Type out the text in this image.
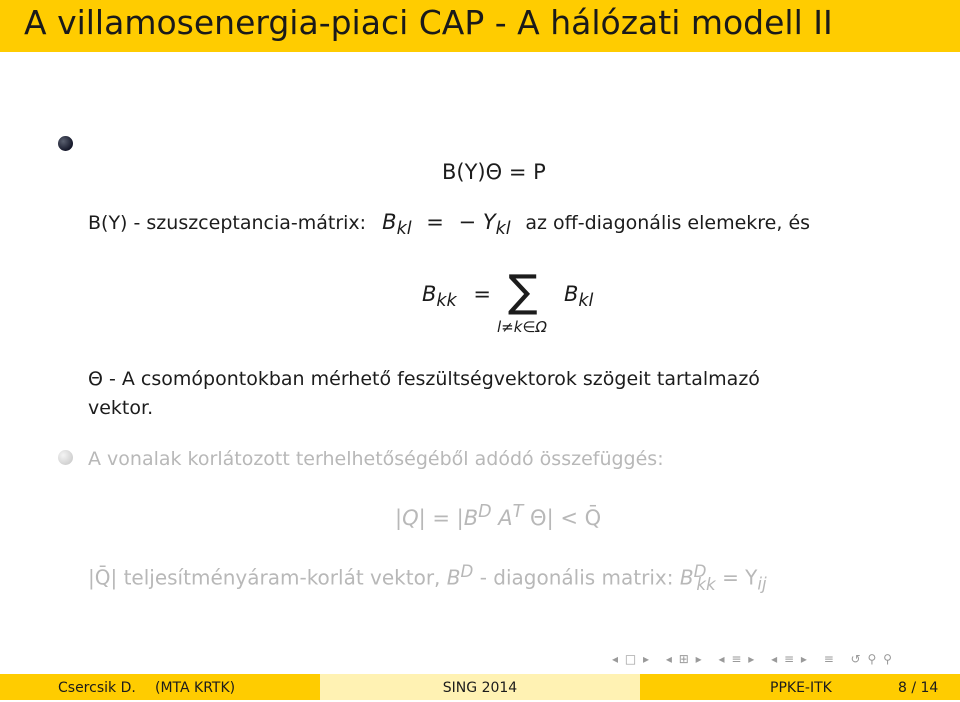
A villamosenergia-piaci CAP - A hálózati modell II
B(Y)Θ = P
B(Y) - szuszceptancia-mátrix: $B_{kl}$ = − $Y_{kl}$ az off-diagonális elemekre, és
$B_{kk}$ = ∑
l≠k∈Ω
$B_{kl}$
Θ - A csomópontokban mérhető feszültségvektorok szögeit tartalmazó
vektor.
A vonalak korlátozott terhelhetőségéből adódó összefüggés:
$|Q| = |B^D$ $A^T$ Θ| < Q̄
|Q̄| teljesítményáram-korlát vektor, $B^D$ - diagonális matrix: $B^D_{kk} = Y_{ij}$
◂ □ ▸ ◂ ⊞ ▸ ◂ ≡ ▸ ◂ ≡ ▸ ≡ ↺ ⚲ ⚲
Csercsik D. (MTA KRTK)	SING 2014	PPKE-ITK	8 / 14
